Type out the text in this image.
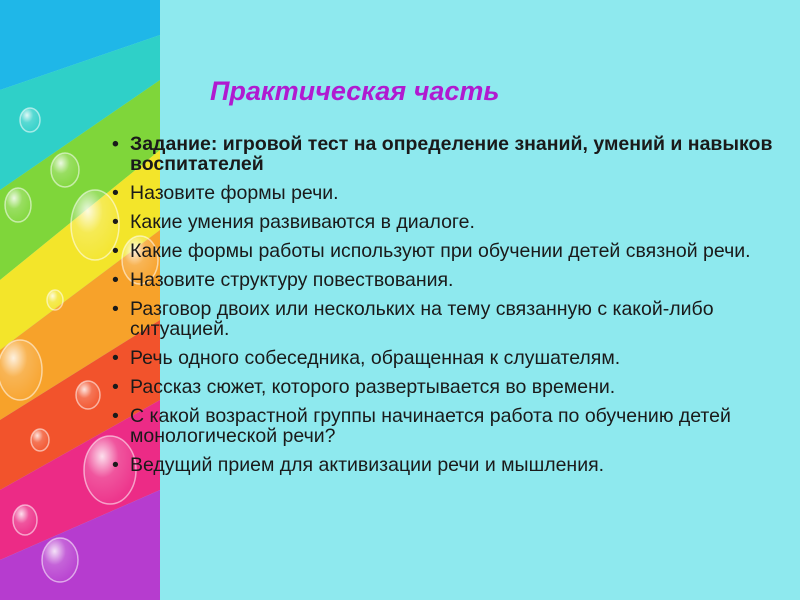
Практическая часть
• Задание: игровой тест на определение знаний, умений и навыков воспитателей
• Назовите формы речи.
• Какие умения развиваются в диалоге.
• Какие формы работы используют при обучении детей связной речи.
• Назовите структуру повествования.
• Разговор двоих или нескольких на тему связанную с какой-либо ситуацией.
• Речь одного собеседника, обращенная к слушателям.
• Рассказ сюжет, которого развертывается во времени.
• С какой возрастной группы начинается работа по обучению детей монологической речи?
• Ведущий прием для активизации речи и мышления.
